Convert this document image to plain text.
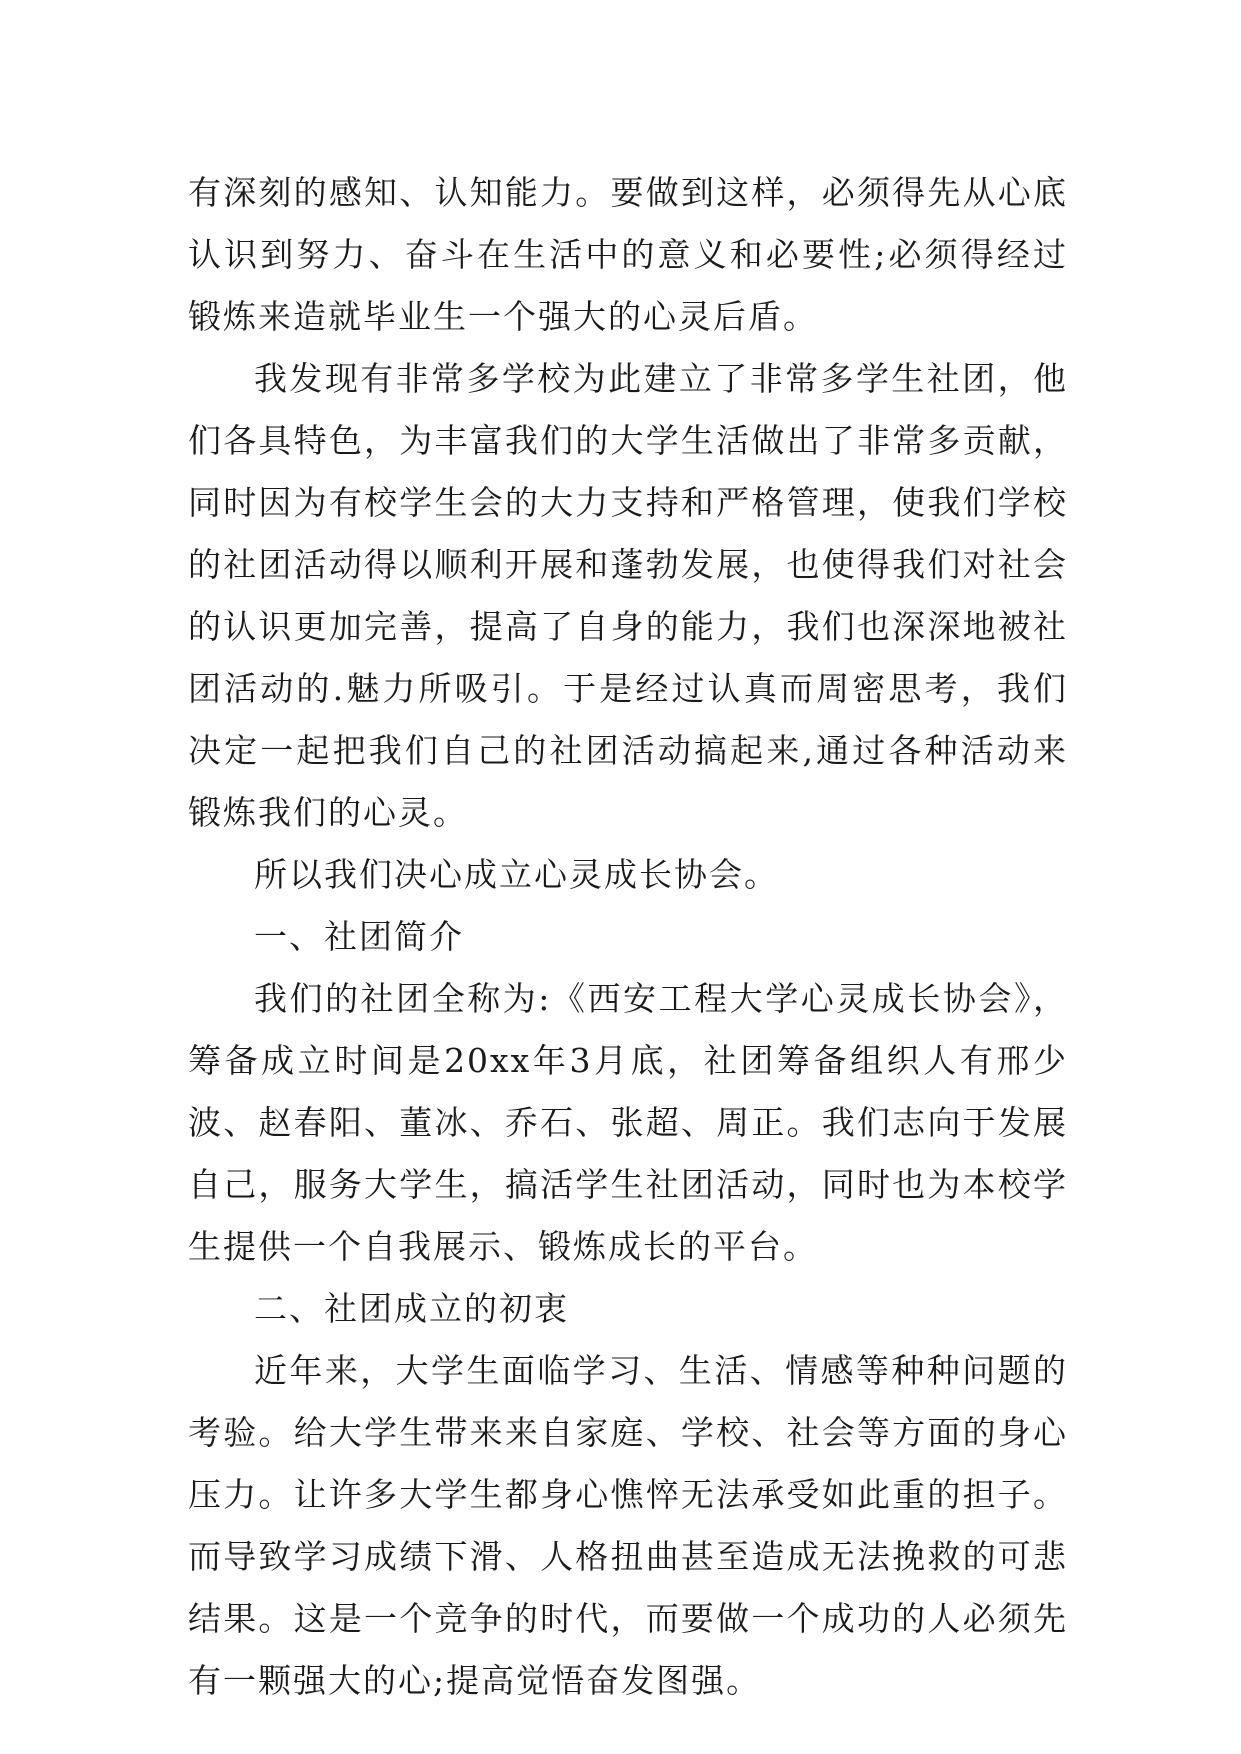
有深刻的感知、认知能力。要做到这样，必须得先从心底认识到努力、奋斗在生活中的意义和必要性;必须得经过锻炼来造就毕业生一个强大的心灵后盾。

我发现有非常多学校为此建立了非常多学生社团，他们各具特色，为丰富我们的大学生活做出了非常多贡献，同时因为有校学生会的大力支持和严格管理，使我们学校的社团活动得以顺利开展和蓬勃发展，也使得我们对社会的认识更加完善，提高了自身的能力，我们也深深地被社团活动的.魅力所吸引。于是经过认真而周密思考，我们决定一起把我们自己的社团活动搞起来,通过各种活动来锻炼我们的心灵。

所以我们决心成立心灵成长协会。

一、社团简介

我们的社团全称为:《西安工程大学心灵成长协会》，筹备成立时间是20xx年3月底，社团筹备组织人有邢少波、赵春阳、董冰、乔石、张超、周正。我们志向于发展自己，服务大学生，搞活学生社团活动，同时也为本校学生提供一个自我展示、锻炼成长的平台。

二、社团成立的初衷

近年来，大学生面临学习、生活、情感等种种问题的考验。给大学生带来来自家庭、学校、社会等方面的身心压力。让许多大学生都身心憔悴无法承受如此重的担子。而导致学习成绩下滑、人格扭曲甚至造成无法挽救的可悲结果。这是一个竞争的时代，而要做一个成功的人必须先有一颗强大的心;提高觉悟奋发图强。
